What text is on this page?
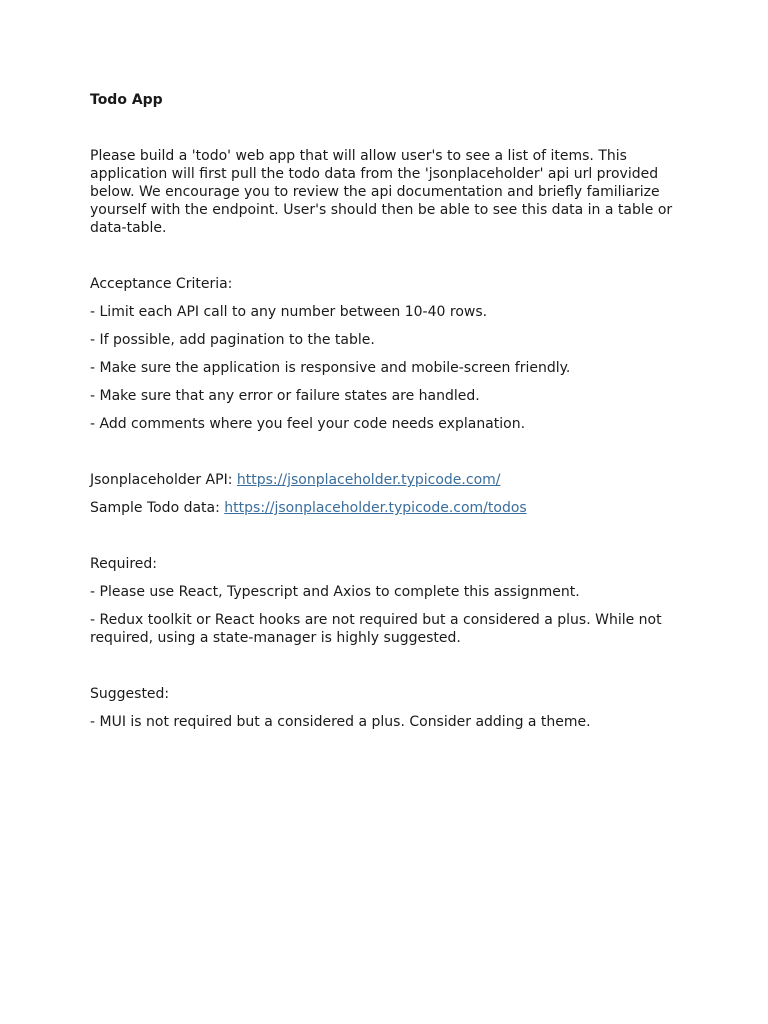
Todo App

Please build a 'todo' web app that will allow user's to see a list of items. This application will first pull the todo data from the 'jsonplaceholder' api url provided below. We encourage you to review the api documentation and briefly familiarize yourself with the endpoint. User's should then be able to see this data in a table or data-table.

Acceptance Criteria:
- Limit each API call to any number between 10-40 rows.
- If possible, add pagination to the table.
- Make sure the application is responsive and mobile-screen friendly.
- Make sure that any error or failure states are handled.
- Add comments where you feel your code needs explanation.
Jsonplaceholder API: https://jsonplaceholder.typicode.com/
Sample Todo data: https://jsonplaceholder.typicode.com/todos
Required:
- Please use React, Typescript and Axios to complete this assignment.
- Redux toolkit or React hooks are not required but a considered a plus. While not required, using a state-manager is highly suggested.
Suggested:
- MUI is not required but a considered a plus. Consider adding a theme.
